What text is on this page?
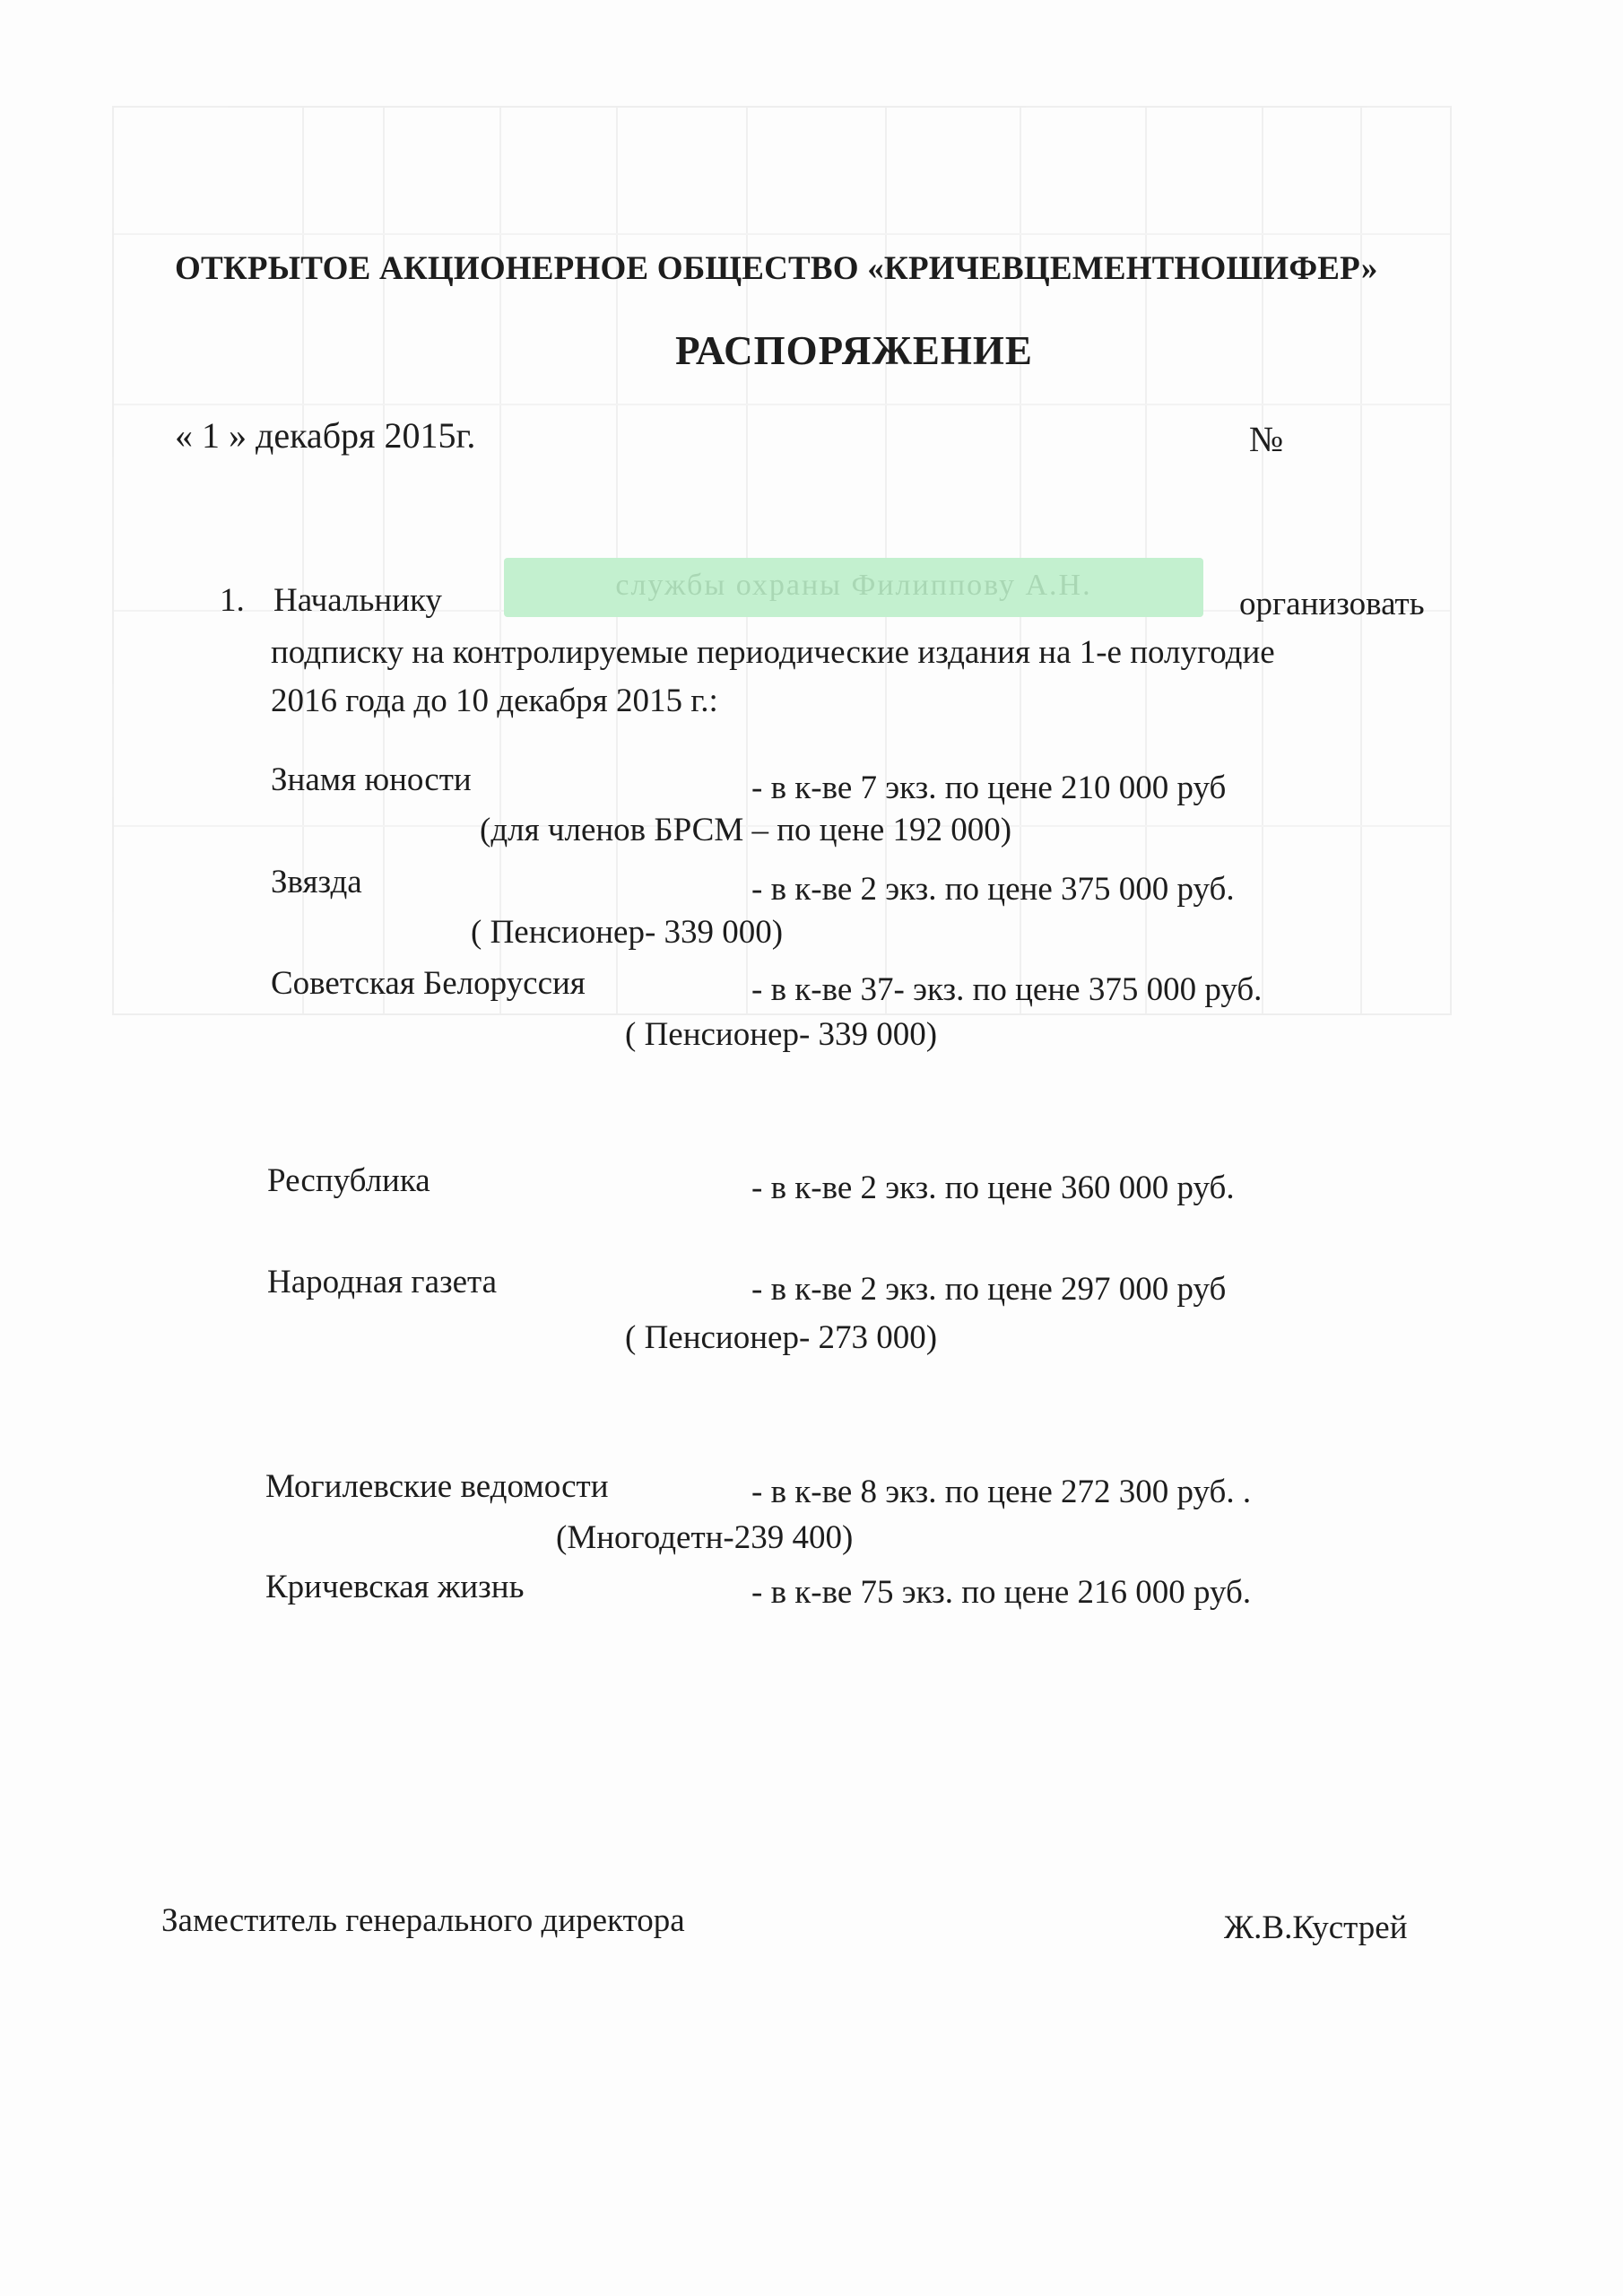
ОТКРЫТОЕ АКЦИОНЕРНОЕ ОБЩЕСТВО «КРИЧЕВЦЕМЕНТНОШИФЕР»
РАСПОРЯЖЕНИЕ
« 1 » декабря 2015г.	№
1. Начальнику	службы охраны Филиппову А.Н.
организовать
подписку на контролируемые периодические издания на 1-е полугодие
2016 года до 10 декабря 2015 г.:
Знамя юности	- в к-ве 7 экз. по цене 210 000 руб
(для членов БРСМ – по цене 192 000)
Звязда	- в к-ве 2 экз. по цене 375 000 руб.
( Пенсионер- 339 000)
Советская Белоруссия	- в к-ве 37- экз. по цене 375 000 руб.
( Пенсионер- 339 000)
Республика	- в к-ве 2 экз. по цене 360 000 руб.
Народная газета	- в к-ве 2 экз. по цене 297 000 руб
( Пенсионер- 273 000)
Могилевские ведомости	- в к-ве 8 экз. по цене 272 300 руб. .
(Многодетн-239 400)
Кричевская жизнь	- в к-ве 75 экз. по цене 216 000 руб.
Заместитель генерального директора	Ж.В.Кустрей
